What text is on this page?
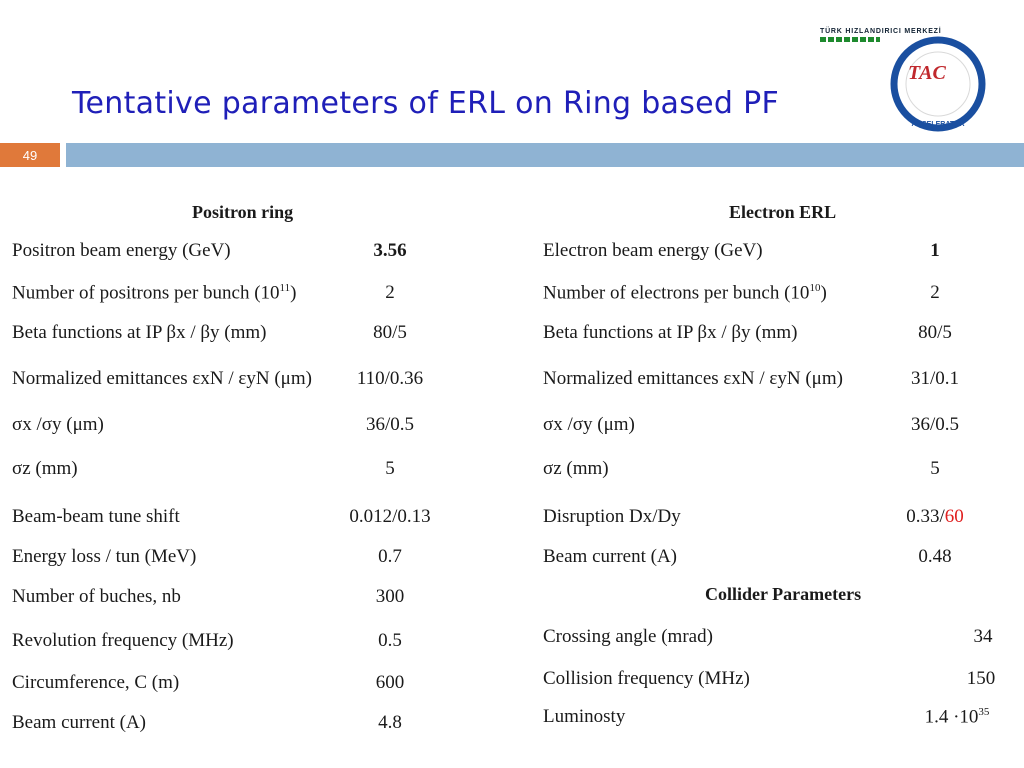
Tentative parameters of ERL on Ring based PF
49
TÜRK HIZLANDIRICI MERKEZİ
ACCELERATOR
TAC
Positron ring
Positron beam energy (GeV)	3.56
Number of positrons per bunch $(10^{11})$	2
Beta functions at IP βx / βy (mm)	80/5
Normalized emittances εxN / εyN (μm)	110/0.36
σx /σy (μm)	36/0.5
σz (mm)	5
Beam-beam tune shift	0.012/0.13
Energy loss / tun (MeV)	0.7
Number of buches, nb	300
Revolution frequency (MHz)	0.5
Circumference, C (m)	600
Beam current (A)	4.8
Electron ERL
Electron beam energy (GeV)	1
Number of electrons per bunch $(10^{10})$	2
Beta functions at IP βx / βy (mm)	80/5
Normalized emittances εxN / εyN (μm)	31/0.1
σx /σy (μm)	36/0.5
σz (mm)	5
Disruption Dx/Dy	0.33/60
Beam current (A)	0.48
Collider Parameters
Crossing angle (mrad)	34
Collision frequency (MHz)	150
Luminosty	$1.4 \cdot 10^{35}$
